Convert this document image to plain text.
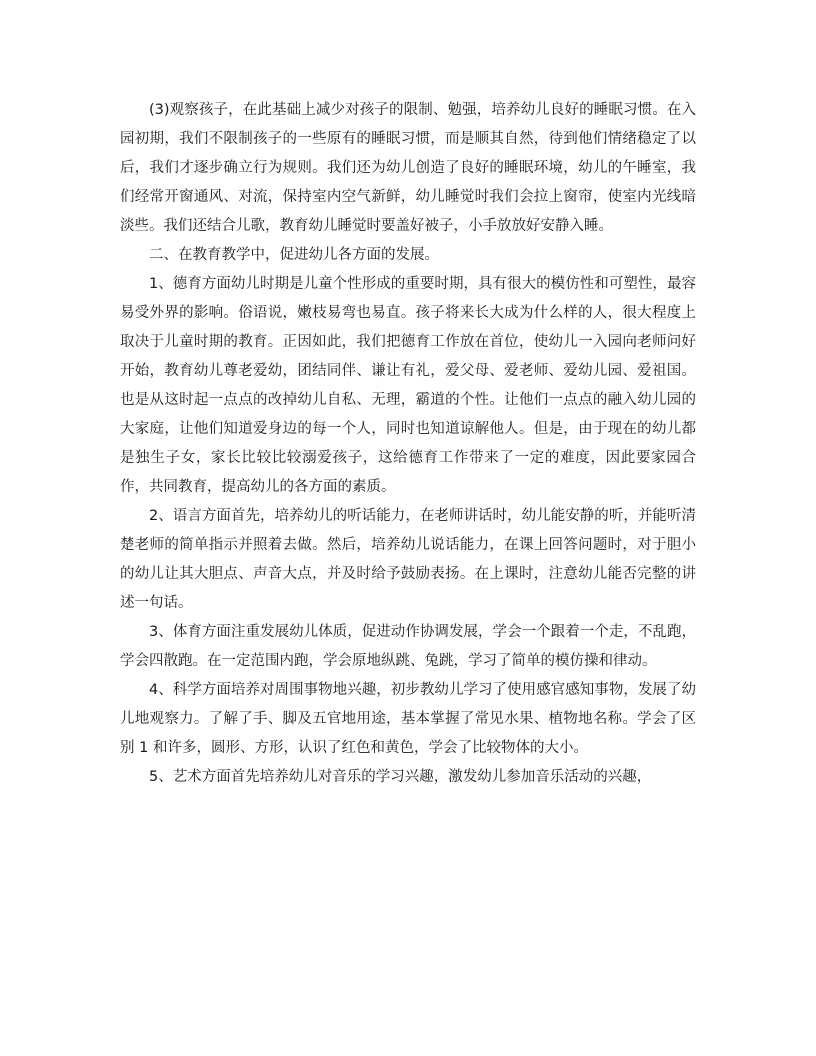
(3)观察孩子，在此基础上减少对孩子的限制、勉强，培养幼儿良好的睡眠习惯。在入园初期，我们不限制孩子的一些原有的睡眠习惯，而是顺其自然，待到他们情绪稳定了以后，我们才逐步确立行为规则。我们还为幼儿创造了良好的睡眠环境，幼儿的午睡室，我们经常开窗通风、对流，保持室内空气新鲜，幼儿睡觉时我们会拉上窗帘，使室内光线暗淡些。我们还结合儿歌，教育幼儿睡觉时要盖好被子，小手放放好安静入睡。

二、在教育教学中，促进幼儿各方面的发展。

1、德育方面幼儿时期是儿童个性形成的重要时期，具有很大的模仿性和可塑性，最容易受外界的影响。俗语说，嫩枝易弯也易直。孩子将来长大成为什么样的人，很大程度上取决于儿童时期的教育。正因如此，我们把德育工作放在首位，使幼儿一入园向老师问好开始，教育幼儿尊老爱幼，团结同伴、谦让有礼，爱父母、爱老师、爱幼儿园、爱祖国。也是从这时起一点点的改掉幼儿自私、无理，霸道的个性。让他们一点点的融入幼儿园的大家庭，让他们知道爱身边的每一个人，同时也知道谅解他人。但是，由于现在的幼儿都是独生子女，家长比较比较溺爱孩子，这给德育工作带来了一定的难度，因此要家园合作，共同教育，提高幼儿的各方面的素质。

2、语言方面首先，培养幼儿的听话能力，在老师讲话时，幼儿能安静的听，并能听清楚老师的简单指示并照着去做。然后，培养幼儿说话能力，在课上回答问题时，对于胆小的幼儿让其大胆点、声音大点，并及时给予鼓励表扬。在上课时，注意幼儿能否完整的讲述一句话。

3、体育方面注重发展幼儿体质，促进动作协调发展，学会一个跟着一个走，不乱跑，学会四散跑。在一定范围内跑，学会原地纵跳、兔跳，学习了简单的模仿操和律动。

4、科学方面培养对周围事物地兴趣，初步教幼儿学习了使用感官感知事物，发展了幼儿地观察力。了解了手、脚及五官地用途，基本掌握了常见水果、植物地名称。学会了区别 1 和许多，圆形、方形，认识了红色和黄色，学会了比较物体的大小。

5、艺术方面首先培养幼儿对音乐的学习兴趣，激发幼儿参加音乐活动的兴趣，
